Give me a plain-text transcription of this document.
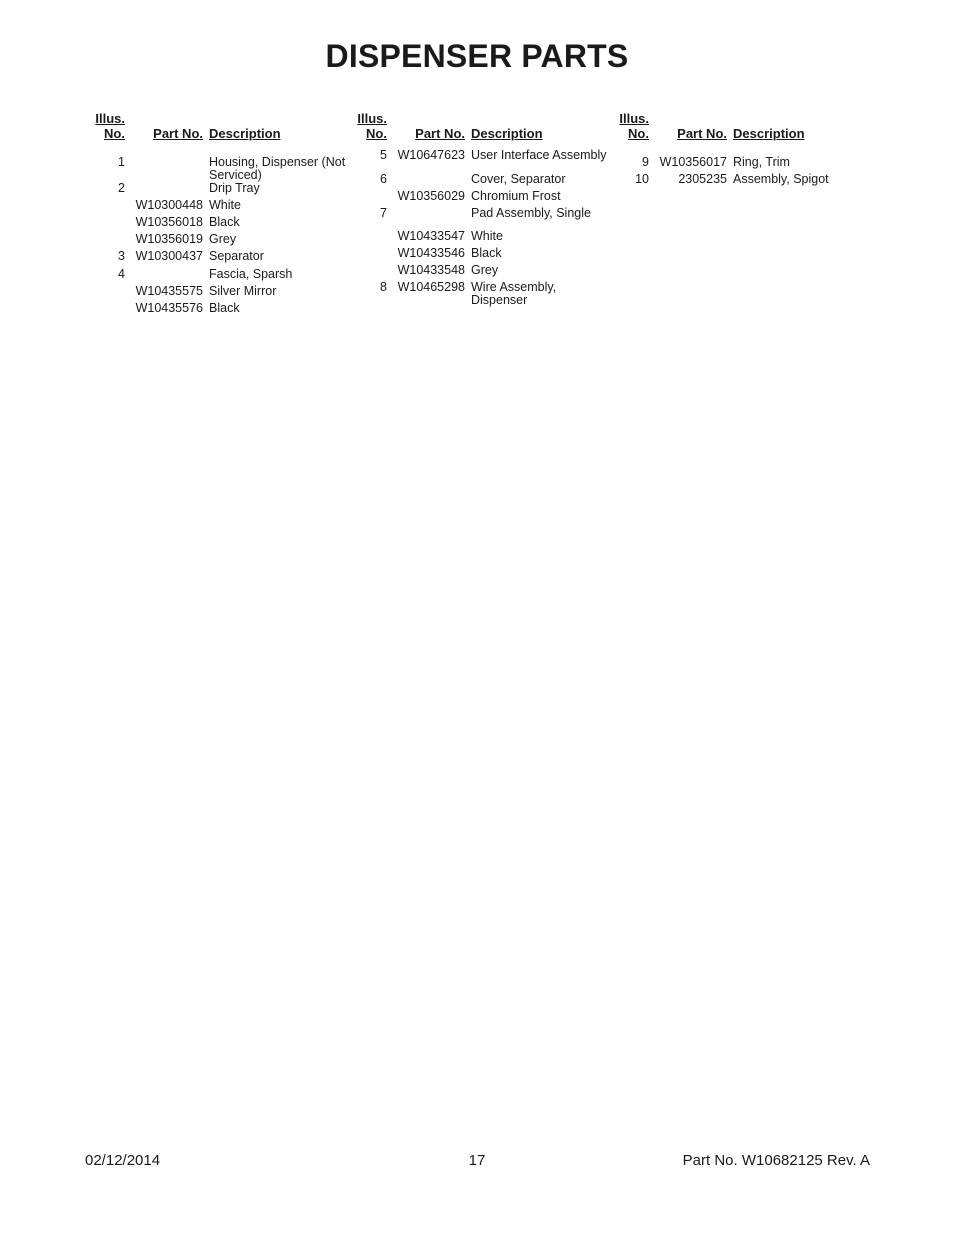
DISPENSER PARTS
Illus.
No.	Part No. Description
1	Housing, Dispenser (Not Serviced)
2	Drip Tray
W10300448 White
W10356018 Black
W10356019 Grey
3 W10300437 Separator
4	Fascia, Sparsh
W10435575 Silver Mirror
W10435576 Black
Illus.
No.	Part No. Description
5 W10647623 User Interface Assembly
6	Cover, Separator
W10356029 Chromium Frost
7	Pad Assembly, Single
W10433547 White
W10433546 Black
W10433548 Grey
8 W10465298 Wire Assembly, Dispenser
Illus.
No.	Part No. Description
9 W10356017 Ring, Trim
10	2305235 Assembly, Spigot
02/12/2014	17	Part No. W10682125 Rev. A
